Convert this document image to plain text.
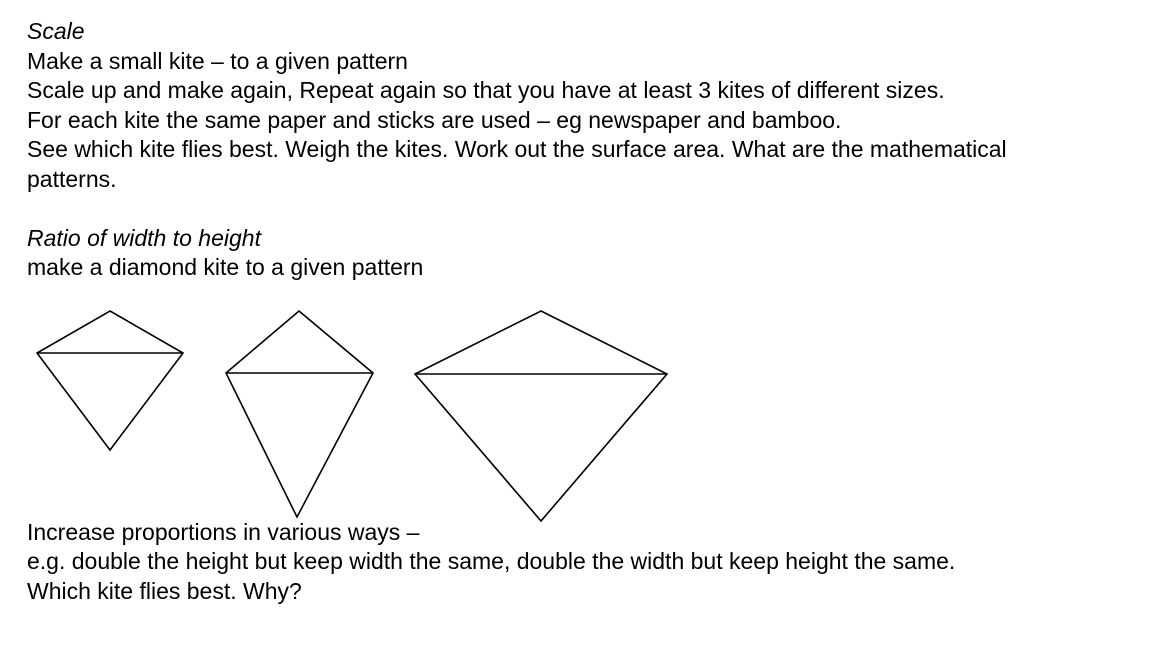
Scale

Make a small kite – to a given pattern

Scale up and make again, Repeat again so that you have at least 3 kites of different sizes.

For each kite the same paper and sticks are used – eg newspaper and bamboo.

See which kite flies best. Weigh the kites. Work out the surface area. What are the mathematical

patterns.

Ratio of width to height

make a diamond kite to a given pattern

Increase proportions in various ways –

e.g. double the height but keep width the same, double the width but keep height the same.

Which kite flies best. Why?
